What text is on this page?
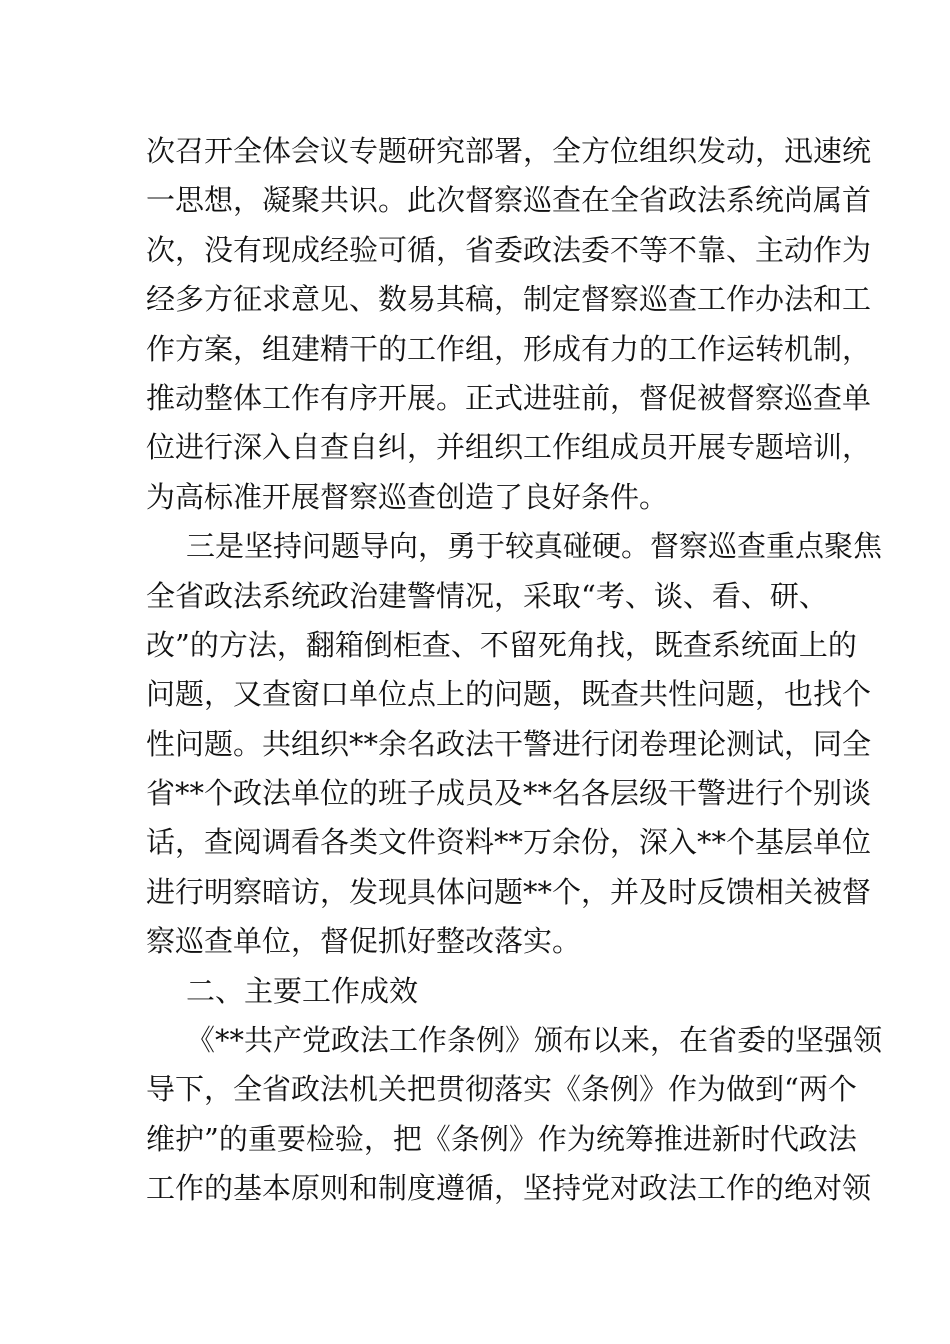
次召开全体会议专题研究部署，全方位组织发动，迅速统
一思想，凝聚共识。此次督察巡查在全省政法系统尚属首
次，没有现成经验可循，省委政法委不等不靠、主动作为
经多方征求意见、数易其稿，制定督察巡查工作办法和工
作方案，组建精干的工作组，形成有力的工作运转机制，
推动整体工作有序开展。正式进驻前，督促被督察巡查单
位进行深入自查自纠，并组织工作组成员开展专题培训，
为高标准开展督察巡查创造了良好条件。
三是坚持问题导向，勇于较真碰硬。督察巡查重点聚焦
全省政法系统政治建警情况，采取“考、谈、看、研、
改”的方法，翻箱倒柜查、不留死角找，既查系统面上的
问题，又查窗口单位点上的问题，既查共性问题，也找个
性问题。共组织**余名政法干警进行闭卷理论测试，同全
省**个政法单位的班子成员及**名各层级干警进行个别谈
话，查阅调看各类文件资料**万余份，深入**个基层单位
进行明察暗访，发现具体问题**个，并及时反馈相关被督
察巡查单位，督促抓好整改落实。
二、主要工作成效
《**共产党政法工作条例》颁布以来，在省委的坚强领
导下，全省政法机关把贯彻落实《条例》作为做到“两个
维护”的重要检验，把《条例》作为统筹推进新时代政法
工作的基本原则和制度遵循，坚持党对政法工作的绝对领
